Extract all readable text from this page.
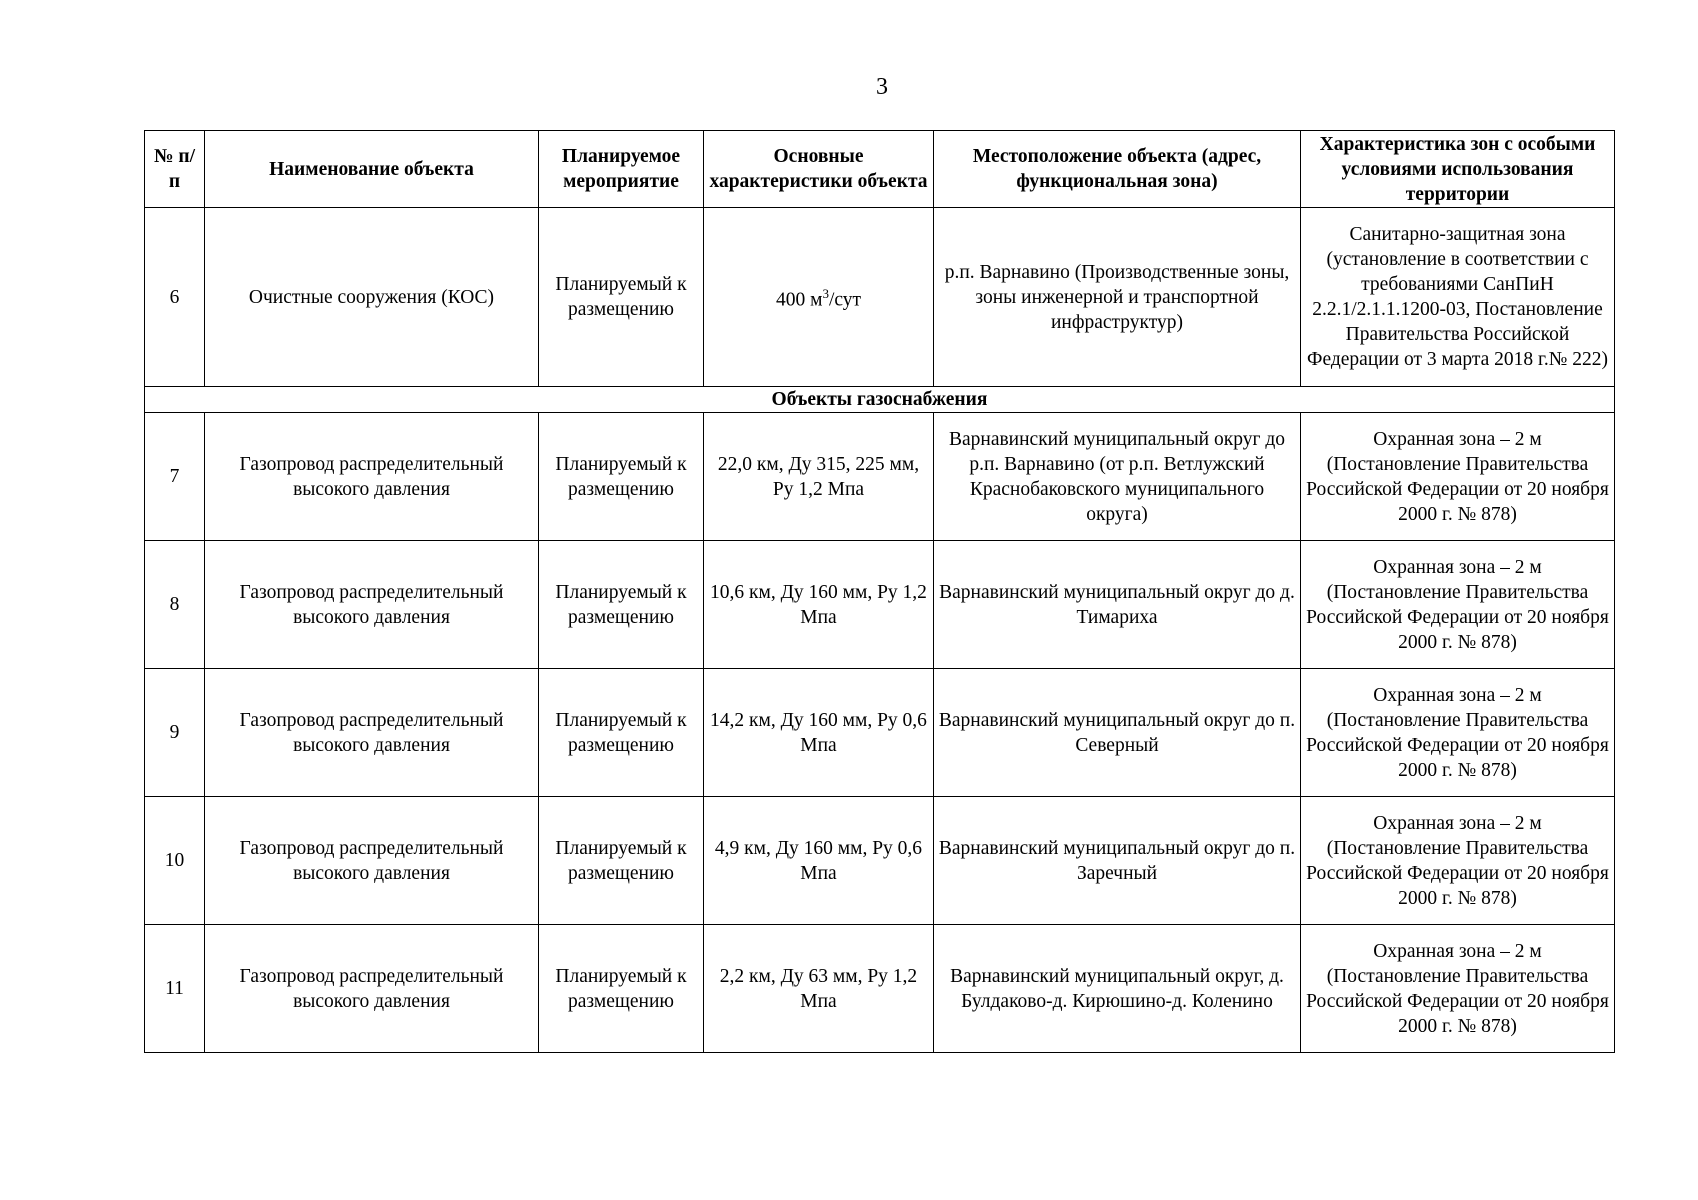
3
№ п/п	Наименование объекта	Планируемое мероприятие	Основные характеристики объекта	Местоположение объекта (адрес, функциональная зона)	Характеристика зон с особыми условиями использования территории
6	Очистные сооружения (КОС)	Планируемый к размещению	400 $м^3$/сут	р.п. Варнавино (Производственные зоны, зоны инженерной и транспортной инфраструктур)	Санитарно-защитная зона (установление в соответствии с требованиями СанПиН 2.2.1/2.1.1.1200-03, Постановление Правительства Российской Федерации от 3 марта 2018 г.№ 222)
Объекты газоснабжения					
7	Газопровод распределительный высокого давления	Планируемый к размещению	22,0 км, Ду 315, 225 мм, Ру 1,2 Мпа	Варнавинский муниципальный округ до р.п. Варнавино (от р.п. Ветлужский Краснобаковского муниципального округа)	Охранная зона – 2 м (Постановление Правительства Российской Федерации от 20 ноября 2000 г. № 878)
8	Газопровод распределительный высокого давления	Планируемый к размещению	10,6 км, Ду 160 мм, Ру 1,2 Мпа	Варнавинский муниципальный округ до д. Тимариха	Охранная зона – 2 м (Постановление Правительства Российской Федерации от 20 ноября 2000 г. № 878)
9	Газопровод распределительный высокого давления	Планируемый к размещению	14,2 км, Ду 160 мм, Ру 0,6 Мпа	Варнавинский муниципальный округ до п. Северный	Охранная зона – 2 м (Постановление Правительства Российской Федерации от 20 ноября 2000 г. № 878)
10	Газопровод распределительный высокого давления	Планируемый к размещению	4,9 км, Ду 160 мм, Ру 0,6 Мпа	Варнавинский муниципальный округ до п. Заречный	Охранная зона – 2 м (Постановление Правительства Российской Федерации от 20 ноября 2000 г. № 878)
11	Газопровод распределительный высокого давления	Планируемый к размещению	2,2 км, Ду 63 мм, Ру 1,2 Мпа	Варнавинский муниципальный округ, д. Булдаково-д. Кирюшино-д. Коленино	Охранная зона – 2 м (Постановление Правительства Российской Федерации от 20 ноября 2000 г. № 878)
